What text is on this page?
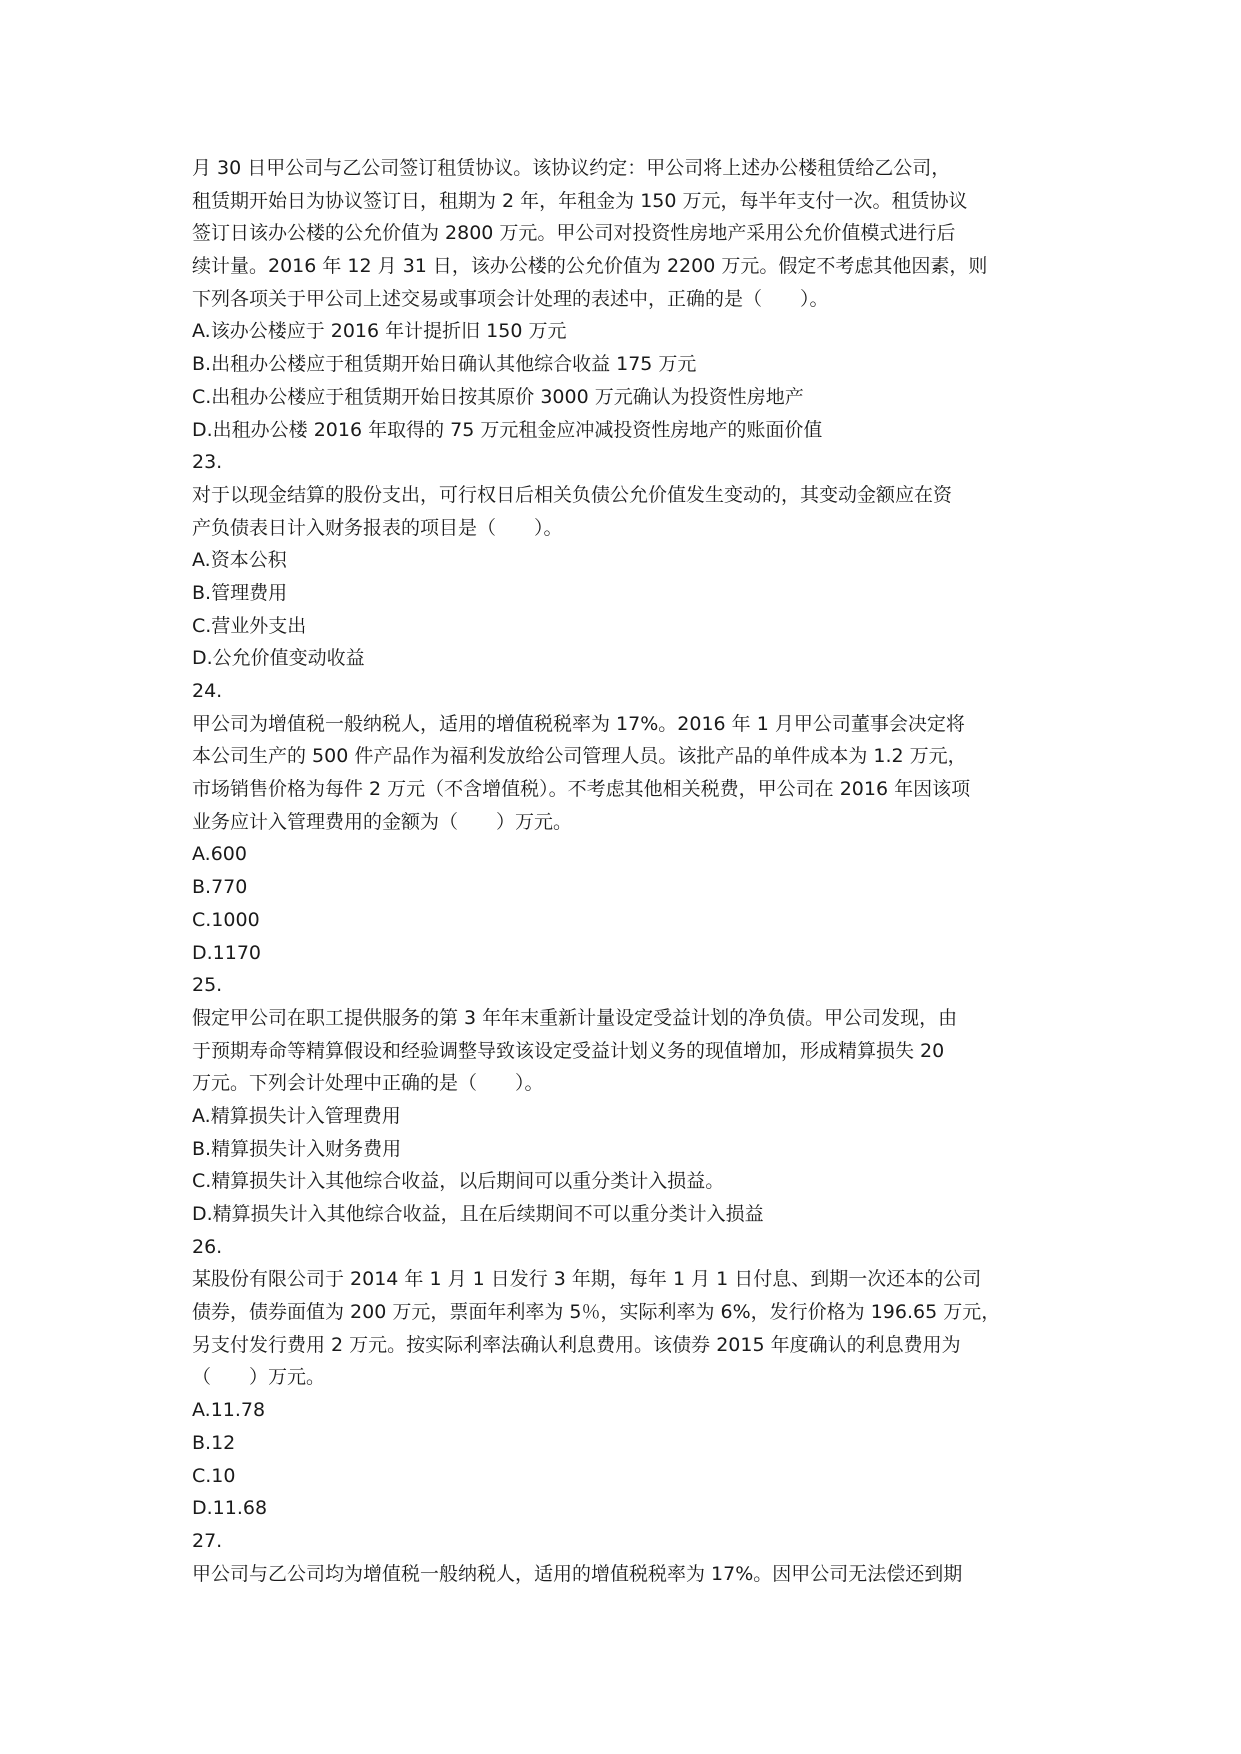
月 30 日甲公司与乙公司签订租赁协议。该协议约定：甲公司将上述办公楼租赁给乙公司，
租赁期开始日为协议签订日，租期为 2 年，年租金为 150 万元，每半年支付一次。租赁协议
签订日该办公楼的公允价值为 2800 万元。甲公司对投资性房地产采用公允价值模式进行后
续计量。2016 年 12 月 31 日，该办公楼的公允价值为 2200 万元。假定不考虑其他因素，则
下列各项关于甲公司上述交易或事项会计处理的表述中，正确的是（　　）。
A.该办公楼应于 2016 年计提折旧 150 万元
B.出租办公楼应于租赁期开始日确认其他综合收益 175 万元
C.出租办公楼应于租赁期开始日按其原价 3000 万元确认为投资性房地产
D.出租办公楼 2016 年取得的 75 万元租金应冲减投资性房地产的账面价值
23.
对于以现金结算的股份支出，可行权日后相关负债公允价值发生变动的，其变动金额应在资
产负债表日计入财务报表的项目是（　　）。
A.资本公积
B.管理费用
C.营业外支出
D.公允价值变动收益
24.
甲公司为增值税一般纳税人，适用的增值税税率为 17%。2016 年 1 月甲公司董事会决定将
本公司生产的 500 件产品作为福利发放给公司管理人员。该批产品的单件成本为 1.2 万元，
市场销售价格为每件 2 万元（不含增值税）。不考虑其他相关税费，甲公司在 2016 年因该项
业务应计入管理费用的金额为（　　）万元。
A.600
B.770
C.1000
D.1170
25.
假定甲公司在职工提供服务的第 3 年年末重新计量设定受益计划的净负债。甲公司发现，由
于预期寿命等精算假设和经验调整导致该设定受益计划义务的现值增加，形成精算损失 20
万元。下列会计处理中正确的是（　　）。
A.精算损失计入管理费用
B.精算损失计入财务费用
C.精算损失计入其他综合收益，以后期间可以重分类计入损益。
D.精算损失计入其他综合收益，且在后续期间不可以重分类计入损益
26.
某股份有限公司于 2014 年 1 月 1 日发行 3 年期，每年 1 月 1 日付息、到期一次还本的公司
债券，债券面值为 200 万元，票面年利率为 5％，实际利率为 6%，发行价格为 196.65 万元，
另支付发行费用 2 万元。按实际利率法确认利息费用。该债券 2015 年度确认的利息费用为
（　　）万元。
A.11.78
B.12
C.10
D.11.68
27.
甲公司与乙公司均为增值税一般纳税人，适用的增值税税率为 17%。因甲公司无法偿还到期
